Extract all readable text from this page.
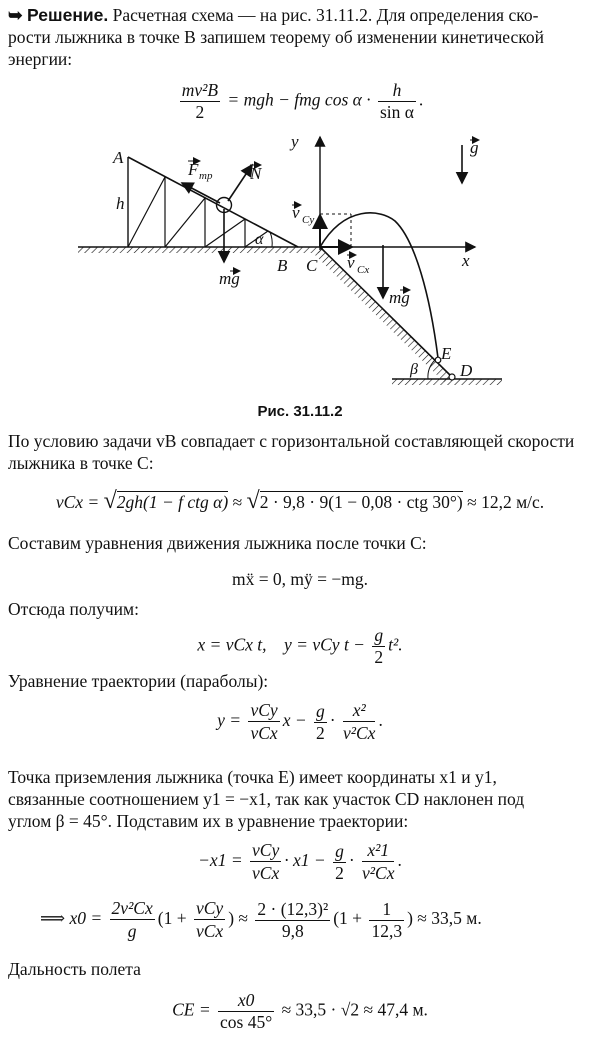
➥ Решение. Расчетная схема — на рис. 31.11.2. Для определения ско-
рости лыжника в точке B запишем теорему об изменении кинетической
энергии:
$\frac{\text{mv²B}}{2}$ = mgh − fmg $\cos \alpha \cdot \frac{h}{\text{sin α}}$ .
A
h
F тр N
α
mg
B C
y
x
g
v Cy
v Cx
mg
E
D
β
Рис. 31.11.2
По условию задачи vB совпадает с горизонтальной составляющей скорости
лыжника в точке C:
vCx = √2gh(1 − f ctg α) ≈ √2 · 9,8 · 9(1 − 0,08 · ctg 30°) ≈ 12,2 м/с.
Составим уравнения движения лыжника после точки C:
mẍ = 0, mÿ = −mg.
Отсюда получим:
x = vCx t, y = vCy $t - \frac{g}{2} t^2$.
Уравнение траектории (параболы):
$y = \frac{\text{vCy}}{\text{vCx}}$ $x - \frac{g}{2} \cdot \frac{\text{x²}}{\text{v²Cx}}$ .
Точка приземления лыжника (точка E) имеет координаты x1 и y1,
связанные соотношением y1 = −x1, так как участок CD наклонен под
углом β = 45°. Подставим их в уравнение траектории:
$-x1 = \frac{\text{vCy}}{\text{vCx}} \cdot x1 - \frac{g}{2} \cdot \frac{\text{x²1}}{\text{v²Cx}}$ .
⟹ $x0 = \frac{\text{2v²Cx}}{g} (1 + \frac{\text{vCy}}{\text{vCx}}$ ) ≈ $\frac{\text{2 · (12,3)²}}{9,8} (1 + \frac{1}{12,3}$ ) ≈ 33,5 м.
Дальность полета
CE = $\frac{x0}{\cos 45^\circ} \approx 33,5 \cdot √2 \approx 47,4$ м.
